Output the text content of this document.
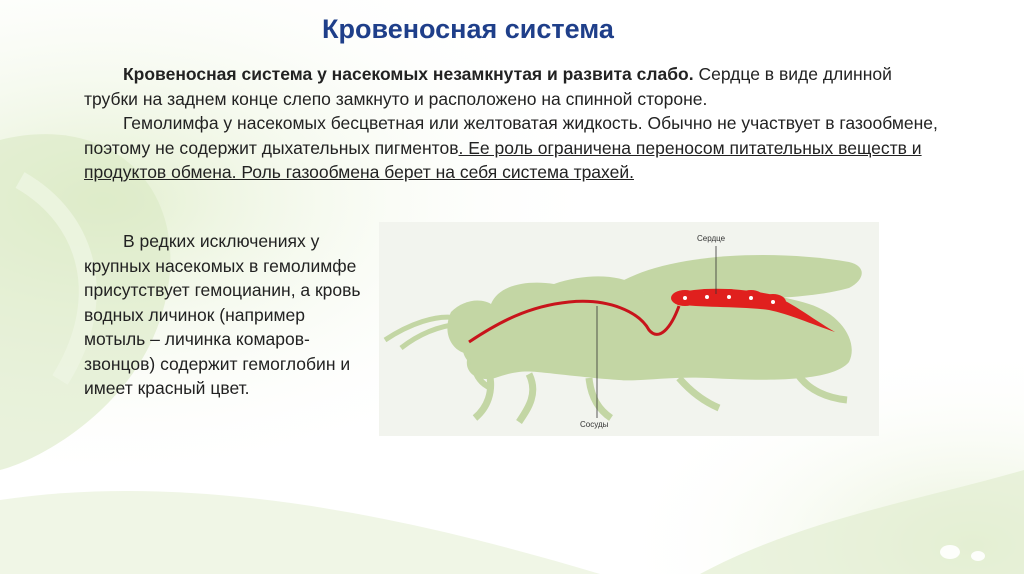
Кровеносная система

Кровеносная система у насекомых незамкнутая и развита слабо. Сердце в виде длинной трубки на заднем конце слепо замкнуто и расположено на спинной стороне.

Гемолимфа у насекомых бесцветная или желтоватая жидкость. Обычно не участвует в газообмене, поэтому не содержит дыхательных пигментов. Ее роль ограничена переносом питательных веществ и продуктов обмена. Роль газообмена берет на себя система трахей.

В редких исключениях у крупных насекомых в гемолимфе присутствует гемоцианин, а кровь водных личинок (например мотыль – личинка комаров-звонцов) содержит гемоглобин и имеет красный цвет.

Сердце
Сосуды
